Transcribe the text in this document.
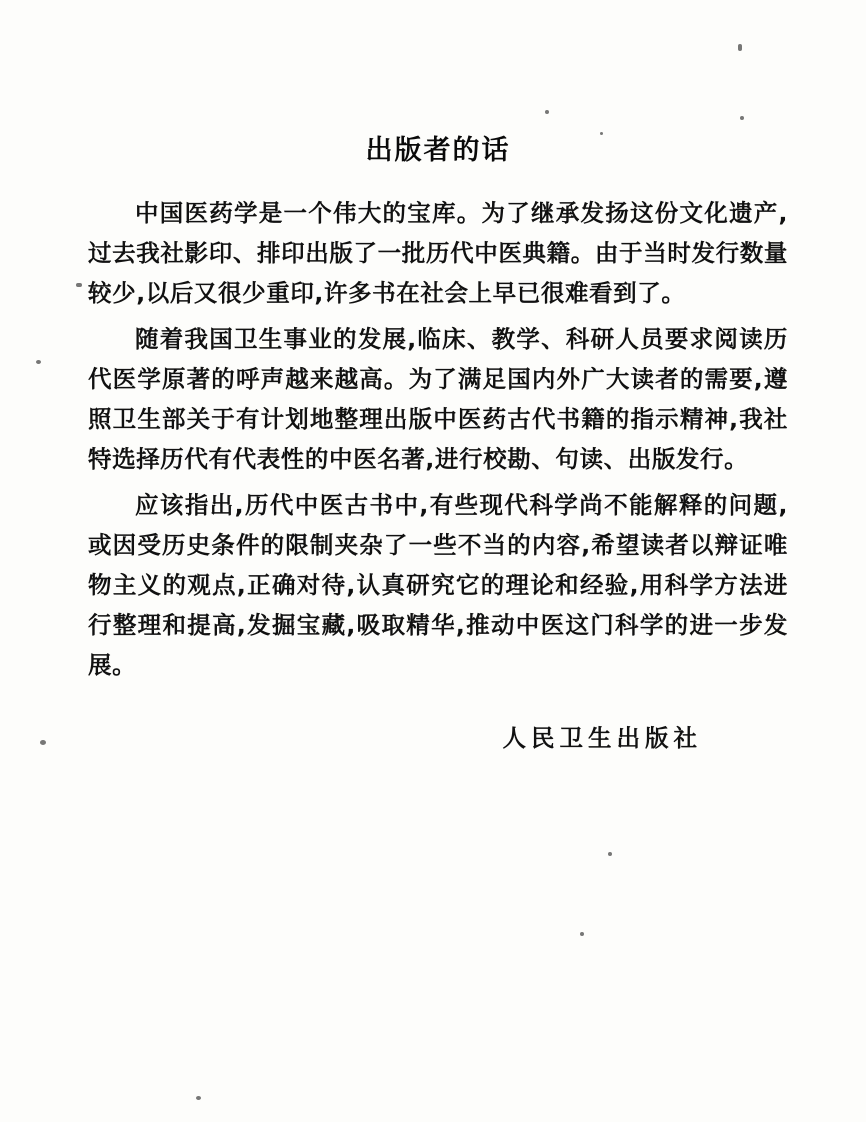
出版者的话

中国医药学是一个伟大的宝库。为了继承发扬这份文化遗产,过去我社影印、排印出版了一批历代中医典籍。由于当时发行数量较少,以后又很少重印,许多书在社会上早已很难看到了。

随着我国卫生事业的发展,临床、教学、科研人员要求阅读历代医学原著的呼声越来越高。为了满足国内外广大读者的需要,遵照卫生部关于有计划地整理出版中医药古代书籍的指示精神,我社特选择历代有代表性的中医名著,进行校勘、句读、出版发行。

应该指出,历代中医古书中,有些现代科学尚不能解释的问题,或因受历史条件的限制夹杂了一些不当的内容,希望读者以辩证唯物主义的观点,正确对待,认真研究它的理论和经验,用科学方法进行整理和提高,发掘宝藏,吸取精华,推动中医这门科学的进一步发展。

人民卫生出版社
